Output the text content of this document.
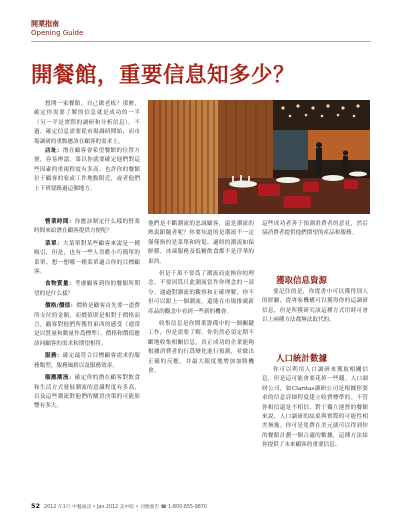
開業指南
Opening Guide
開餐館，重要信息知多少？

想開一家餐館，自己做老板？那麼，確定你需要了解的信息就是成功的一半（另一半是實際的調研和分析信息）。不過，確定信息需要從市場調研開始，而市場調研的重點應該在顧客的需求上。

店址：潛在顧客會希望餐館的位置方便，容易辨認。第以你就要確定他們對這些因素的重視程度有多高。也許你的餐館位于顧客的家或工作地點附近，或者他們上下班要路過這個地方。

營業時間：你應該制定什么樣的營業時間來給潛在顧客提供方便呢？

菜單：大菜單對某些顧客來說是一種吸引，但是，也有一些人喜歡小巧簡單的菜單。想一想哪一種菜單適合你的目標顧客。

食物質量：考慮顧客到你的餐館所期望的是什么樣？

價格/價值：價格是顧客首先要一道費所支付的金額，而價值則是相對于價格而言，顧客對他們所獲得東西的感受（通常是以質量和數量作爲標準）。價格和價值應該同顧客的需求和期望相符。

服務：確定最符合目標顧客需求的服務類型、服務風格以及服務效率。

順應潮流：確定你的潛在顧客對飲食和生活方式發展潮流的意識程度有多高，以及這些潮流對他們的購買決策的可能影響有多大。

他們是不斷潮流的忠誠顧客，還是潮流的熱衷跟隨者呢？你要知道的是潮流不一定僅僅指的是菜單和時髦。適時的潮流如保鮮膜、冰凍服務及低糖飲食都不是浮華的東西。

但是千萬不要爲了潮流而更換你的理念。不要因爲只此潮流當作你理念的一部分。通過對潮流的觀察和正確理解，你不但可以跟上一個潮流，還能在市場推廣新產品的觀念中看到一些新的機會。

收集信息是你開業籌備中的一個關鍵工作，但是需要了解，你仍然必須定期不斷地收集相關信息，真正成功的企業能夠根據消費者的行爲變化進行預測，並做出正確的反應，并最大限度地增加加勝機會。

這些成功者善于預測消費者的意見，然后協消費者提供他們期望的產品和服務。

獲取信息資源

要記住的是，你從書中可以獲得別人的經驗，從專家機構可以獲得你的這調研信息，但是所獲研究該這種方式用時可會以上兩種方法都無法取代的。

人口統計數據

你可以利用人口調研來獲取相關信息，但是這可能會要花掉一些錢。人口調研公司，如Claritas調研公司是根據你要求的信息詳細程度建立收費標準的。不管你相信還是不相信，對于獨立運營的餐館來說，人口調研的結果與實際的可能性相差無幾。你可是免費在美元就可以得到你的餐館計劃一個合適的數據，這種方法給你提供了未來顧客的重要信息。

52 2012 年1月 中餐通訊 • Jan 2012 美中版 • 刊號廣告 ☎ 1-800-655-9870
